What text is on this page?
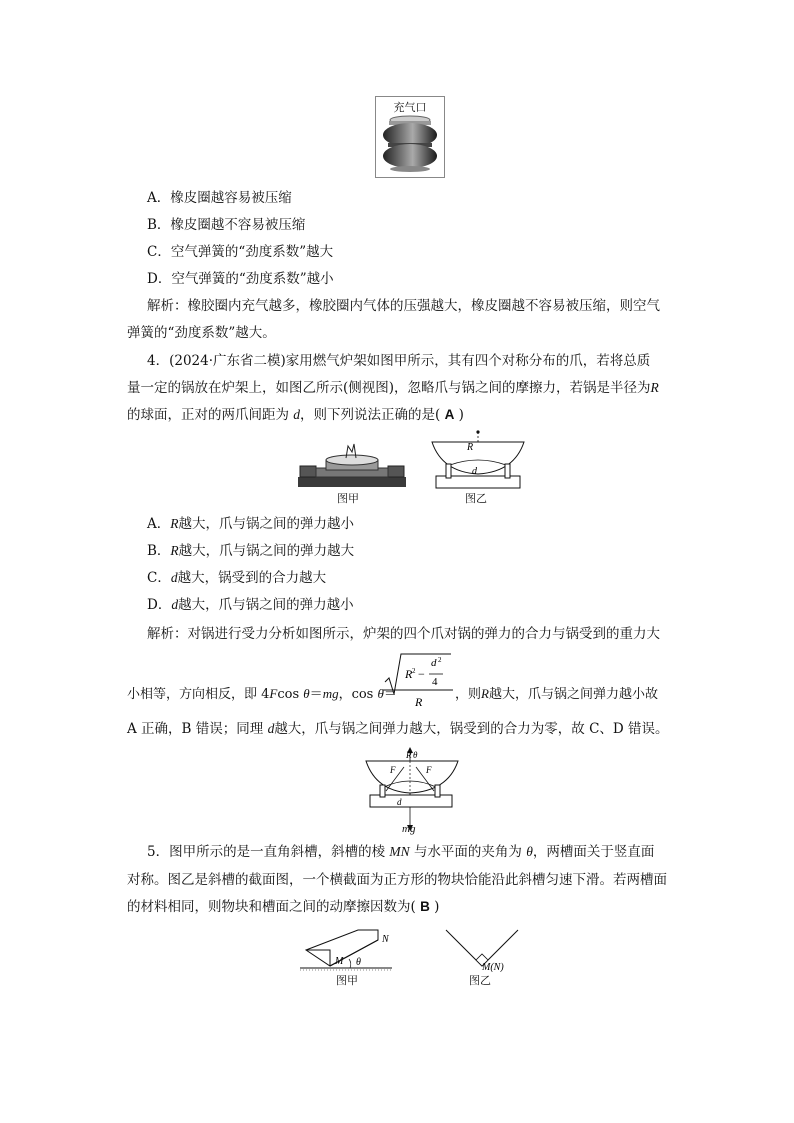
充气口
A．橡皮圈越容易被压缩
B．橡皮圈越不容易被压缩
C．空气弹簧的“劲度系数”越大
D．空气弹簧的“劲度系数”越小
解析：橡胶圈内充气越多，橡胶圈内气体的压强越大，橡皮圈越不容易被压缩，则空气
弹簧的“劲度系数”越大。
4．(2024·广东省二模)家用燃气炉架如图甲所示，其有四个对称分布的爪，若将总质
量一定的锅放在炉架上，如图乙所示(侧视图)，忽略爪与锅之间的摩擦力，若锅是半径为R
的球面，正对的两爪间距为 d，则下列说法正确的是( A )
图甲
R
d
图乙
A．R越大，爪与锅之间的弹力越小
B．R越大，爪与锅之间的弹力越大
C．d越大，锅受到的合力越大
D．d越大，爪与锅之间的弹力越小
解析：对锅进行受力分析如图所示，炉架的四个爪对锅的弹力的合力与锅受到的重力大
小相等，方向相反，即 4Fcos θ＝mg，cos θ＝
R 2 −
d 2
4
R	，则R越大，爪与锅之间弹力越小故
A 正确，B 错误；同理 d越大，爪与锅之间弹力越大，锅受到的合力为零，故 C、D 错误。
R θ
F	F
d
mg
5．图甲所示的是一直角斜槽，斜槽的棱 MN 与水平面的夹角为 θ，两槽面关于竖直面
对称。图乙是斜槽的截面图，一个横截面为正方形的物块恰能沿此斜槽匀速下滑。若两槽面
的材料相同，则物块和槽面之间的动摩擦因数为( B )
N
M θ
图甲
M(N)
图乙
